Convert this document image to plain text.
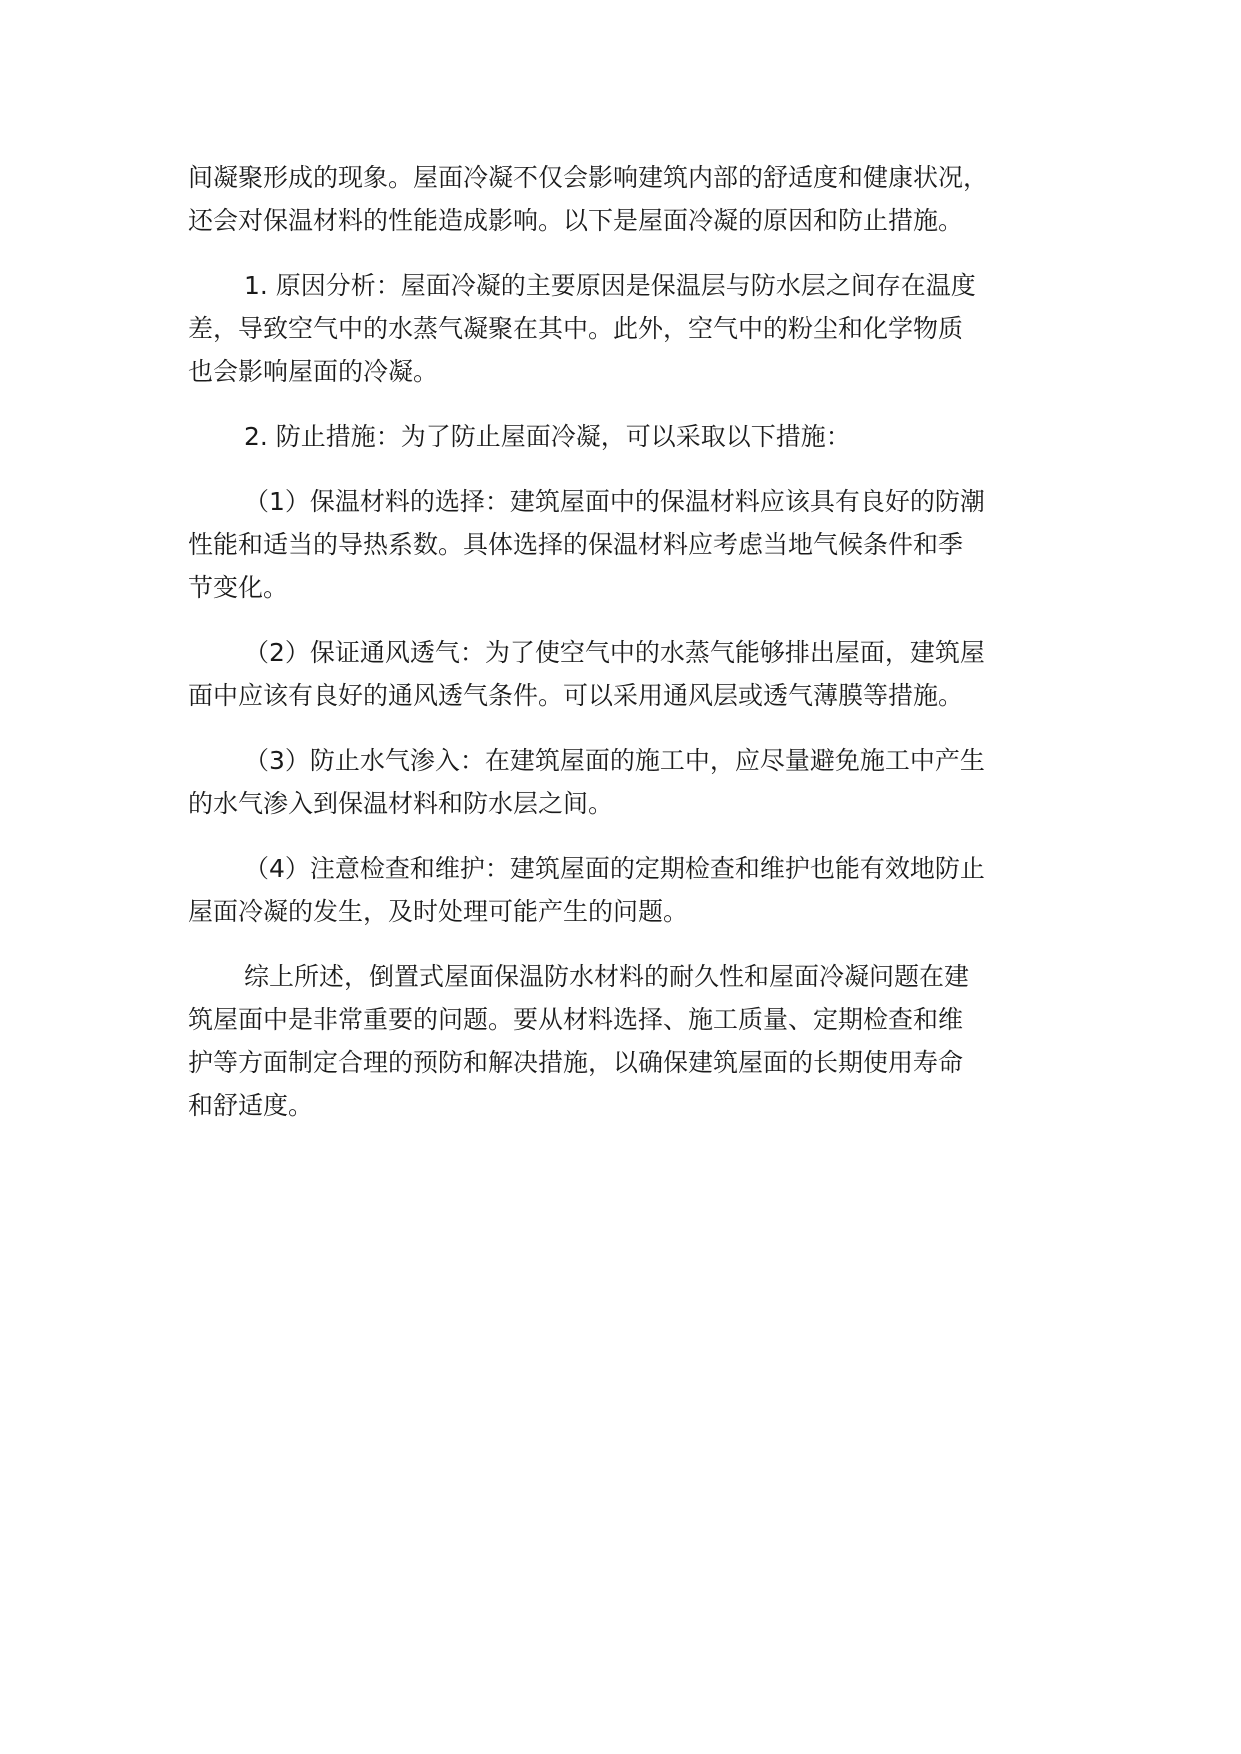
间凝聚形成的现象。屋面冷凝不仅会影响建筑内部的舒适度和健康状况，
还会对保温材料的性能造成影响。以下是屋面冷凝的原因和防止措施。

1. 原因分析：屋面冷凝的主要原因是保温层与防水层之间存在温度
差，导致空气中的水蒸气凝聚在其中。此外，空气中的粉尘和化学物质
也会影响屋面的冷凝。

2. 防止措施：为了防止屋面冷凝，可以采取以下措施：

（1）保温材料的选择：建筑屋面中的保温材料应该具有良好的防潮
性能和适当的导热系数。具体选择的保温材料应考虑当地气候条件和季
节变化。

（2）保证通风透气：为了使空气中的水蒸气能够排出屋面，建筑屋
面中应该有良好的通风透气条件。可以采用通风层或透气薄膜等措施。

（3）防止水气渗入：在建筑屋面的施工中，应尽量避免施工中产生
的水气渗入到保温材料和防水层之间。

（4）注意检查和维护：建筑屋面的定期检查和维护也能有效地防止
屋面冷凝的发生，及时处理可能产生的问题。

综上所述，倒置式屋面保温防水材料的耐久性和屋面冷凝问题在建
筑屋面中是非常重要的问题。要从材料选择、施工质量、定期检查和维
护等方面制定合理的预防和解决措施，以确保建筑屋面的长期使用寿命
和舒适度。
